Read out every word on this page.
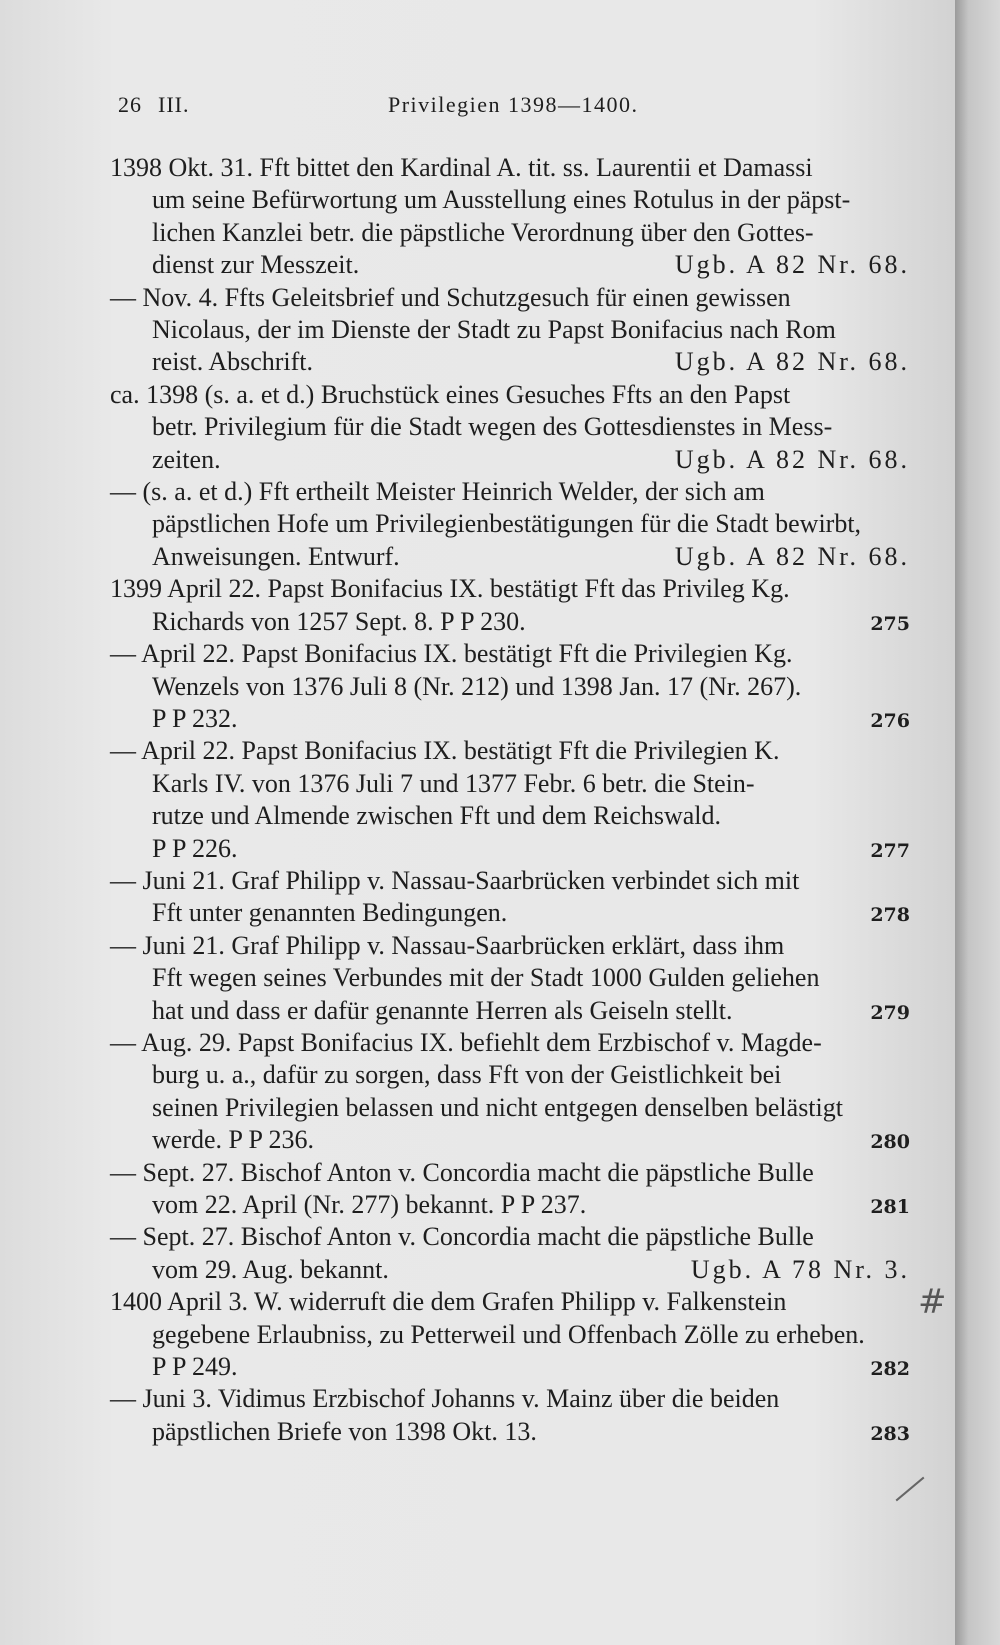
26 III.	Privilegien 1398—1400.

1398 Okt. 31. Fft bittet den Kardinal A. tit. ss. Laurentii et Damassi

um seine Befürwortung um Ausstellung eines Rotulus in der päpst-

lichen Kanzlei betr. die päpstliche Verordnung über den Gottes-

dienst zur Messzeit.	Ugb. A 82 Nr. 68.

— Nov. 4. Ffts Geleitsbrief und Schutzgesuch für einen gewissen

Nicolaus, der im Dienste der Stadt zu Papst Bonifacius nach Rom

reist. Abschrift.	Ugb. A 82 Nr. 68.

ca. 1398 (s. a. et d.) Bruchstück eines Gesuches Ffts an den Papst

betr. Privilegium für die Stadt wegen des Gottesdienstes in Mess-

zeiten.	Ugb. A 82 Nr. 68.

— (s. a. et d.) Fft ertheilt Meister Heinrich Welder, der sich am

päpstlichen Hofe um Privilegienbestätigungen für die Stadt bewirbt,

Anweisungen. Entwurf.	Ugb. A 82 Nr. 68.

1399 April 22. Papst Bonifacius IX. bestätigt Fft das Privileg Kg.

Richards von 1257 Sept. 8. P P 230.	275

— April 22. Papst Bonifacius IX. bestätigt Fft die Privilegien Kg.

Wenzels von 1376 Juli 8 (Nr. 212) und 1398 Jan. 17 (Nr. 267).

P P 232.	276

— April 22. Papst Bonifacius IX. bestätigt Fft die Privilegien K.

Karls IV. von 1376 Juli 7 und 1377 Febr. 6 betr. die Stein-

rutze und Almende zwischen Fft und dem Reichswald.

P P 226.	277

— Juni 21. Graf Philipp v. Nassau-Saarbrücken verbindet sich mit

Fft unter genannten Bedingungen.	278

— Juni 21. Graf Philipp v. Nassau-Saarbrücken erklärt, dass ihm

Fft wegen seines Verbundes mit der Stadt 1000 Gulden geliehen

hat und dass er dafür genannte Herren als Geiseln stellt.	279

— Aug. 29. Papst Bonifacius IX. befiehlt dem Erzbischof v. Magde-

burg u. a., dafür zu sorgen, dass Fft von der Geistlichkeit bei

seinen Privilegien belassen und nicht entgegen denselben belästigt

werde. P P 236.	280

— Sept. 27. Bischof Anton v. Concordia macht die päpstliche Bulle

vom 22. April (Nr. 277) bekannt. P P 237.	281

— Sept. 27. Bischof Anton v. Concordia macht die päpstliche Bulle

vom 29. Aug. bekannt.	Ugb. A 78 Nr. 3.

1400 April 3. W. widerruft die dem Grafen Philipp v. Falkenstein

gegebene Erlaubniss, zu Petterweil und Offenbach Zölle zu erheben.

P P 249.	282

— Juni 3. Vidimus Erzbischof Johanns v. Mainz über die beiden

päpstlichen Briefe von 1398 Okt. 13.	283
#
